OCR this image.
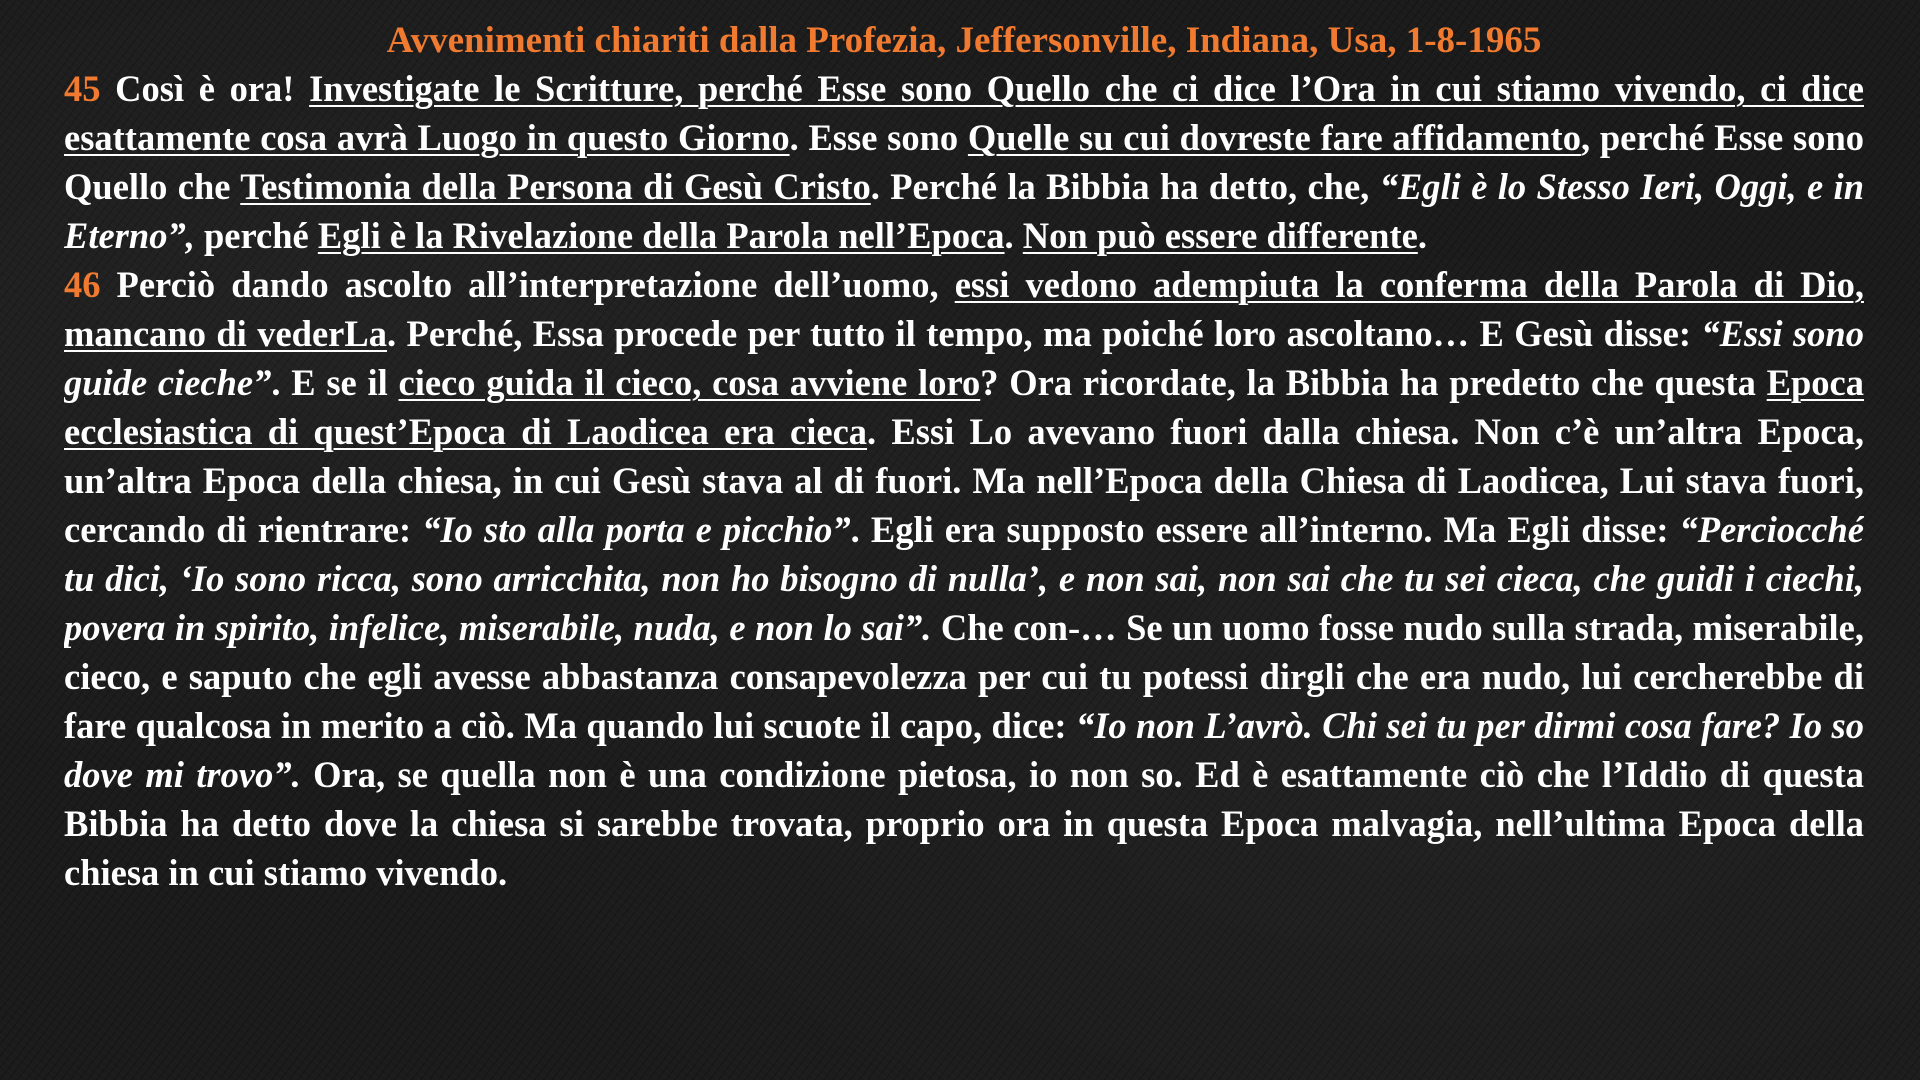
Avvenimenti chiariti dalla Profezia, Jeffersonville, Indiana, Usa, 1-8-1965

45 Così è ora! Investigate le Scritture, perché Esse sono Quello che ci dice l’Ora in cui stiamo vivendo, ci dice esattamente cosa avrà Luogo in questo Giorno. Esse sono Quelle su cui dovreste fare affidamento, perché Esse sono Quello che Testimonia della Persona di Gesù Cristo. Perché la Bibbia ha detto, che, “Egli è lo Stesso Ieri, Oggi, e in Eterno”, perché Egli è la Rivelazione della Parola nell’Epoca. Non può essere differente.

46 Perciò dando ascolto all’interpretazione dell’uomo, essi vedono adempiuta la conferma della Parola di Dio, mancano di vederLa. Perché, Essa procede per tutto il tempo, ma poiché loro ascoltano… E Gesù disse: “Essi sono guide cieche”. E se il cieco guida il cieco, cosa avviene loro? Ora ricordate, la Bibbia ha predetto che questa Epoca ecclesiastica di quest’Epoca di Laodicea era cieca. Essi Lo avevano fuori dalla chiesa. Non c’è un’altra Epoca, un’altra Epoca della chiesa, in cui Gesù stava al di fuori. Ma nell’Epoca della Chiesa di Laodicea, Lui stava fuori, cercando di rientrare: “Io sto alla porta e picchio”. Egli era supposto essere all’interno. Ma Egli disse: “Perciocché tu dici, ‘Io sono ricca, sono arricchita, non ho bisogno di nulla’, e non sai, non sai che tu sei cieca, che guidi i ciechi, povera in spirito, infelice, miserabile, nuda, e non lo sai”. Che con-… Se un uomo fosse nudo sulla strada, miserabile, cieco, e saputo che egli avesse abbastanza consapevolezza per cui tu potessi dirgli che era nudo, lui cercherebbe di fare qualcosa in merito a ciò. Ma quando lui scuote il capo, dice: “Io non L’avrò. Chi sei tu per dirmi cosa fare? Io so dove mi trovo”. Ora, se quella non è una condizione pietosa, io non so. Ed è esattamente ciò che l’Iddio di questa Bibbia ha detto dove la chiesa si sarebbe trovata, proprio ora in questa Epoca malvagia, nell’ultima Epoca della chiesa in cui stiamo vivendo.
